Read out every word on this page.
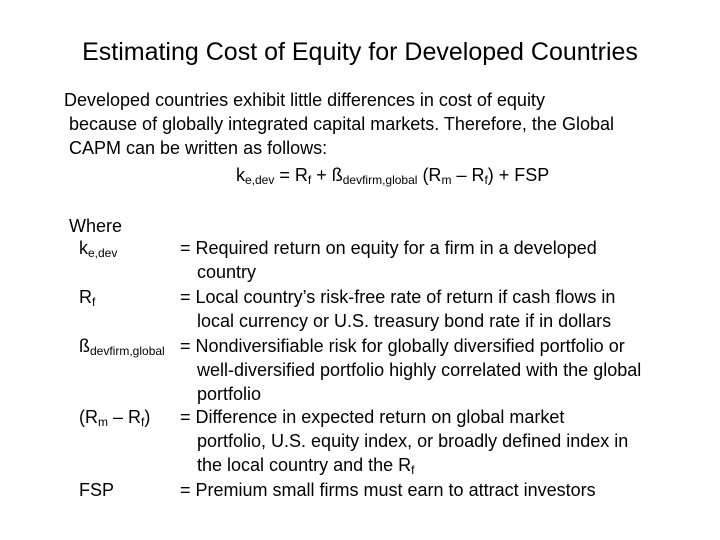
Estimating Cost of Equity for Developed Countries
Developed countries exhibit little differences in cost of equity
because of globally integrated capital markets. Therefore, the Global
CAPM can be written as follows:
$k_{e,dev} = R_f$ + $ß_{devfirm,global}$ $(R_m - R_f)$ + FSP
Where
$k_{e,dev}$	= Required return on equity for a firm in a developed
country
$R_f$	= Local country’s risk-free rate of return if cash flows in
local currency or U.S. treasury bond rate if in dollars
$ß_{devfirm,global}$ = Nondiversifiable risk for globally diversified portfolio or
well-diversified portfolio highly correlated with the global
portfolio
$(R_m - R_f)$ = Difference in expected return on global market
portfolio, U.S. equity index, or broadly defined index in
the local country and the $R_f$
FSP	= Premium small firms must earn to attract investors
